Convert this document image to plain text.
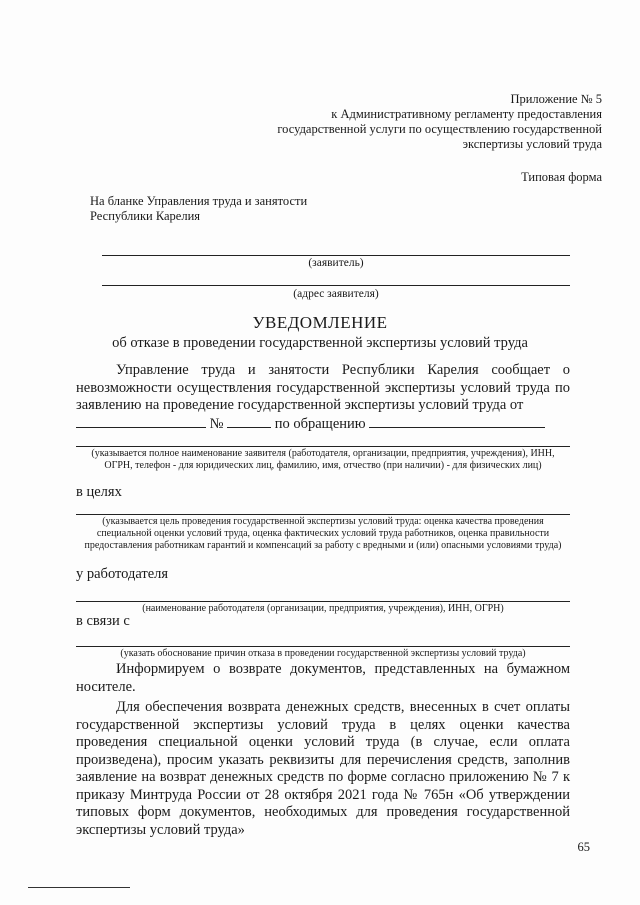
Приложение № 5
к Административному регламенту предоставления
государственной услуги по осуществлению государственной
экспертизы условий труда
Типовая форма
На бланке Управления труда и занятости
Республики Карелия
(заявитель)
(адрес заявителя)
УВЕДОМЛЕНИЕ
об отказе в проведении государственной экспертизы условий труда
Управление труда и занятости Республики Карелия сообщает о невозможности осуществления государственной экспертизы условий труда по заявлению на проведение государственной экспертизы условий труда от
№	по обращению
(указывается полное наименование заявителя (работодателя, организации, предприятия, учреждения), ИНН, ОГРН, телефон - для юридических лиц, фамилию, имя, отчество (при наличии) - для физических лиц)
в целях
(указывается цель проведения государственной экспертизы условий труда: оценка качества проведения специальной оценки условий труда, оценка фактических условий труда работников, оценка правильности предоставления работникам гарантий и компенсаций за работу с вредными и (или) опасными условиями труда)
у работодателя
(наименование работодателя (организации, предприятия, учреждения), ИНН, ОГРН)
в связи с
(указать обоснование причин отказа в проведении государственной экспертизы условий труда)
Информируем о возврате документов, представленных на бумажном носителе.
Для обеспечения возврата денежных средств, внесенных в счет оплаты государственной экспертизы условий труда в целях оценки качества проведения специальной оценки условий труда (в случае, если оплата произведена), просим указать реквизиты для перечисления средств, заполнив заявление на возврат денежных средств по форме согласно приложению № 7 к приказу Минтруда России от 28 октября 2021 года № 765н «Об утверждении типовых форм документов, необходимых для проведения государственной экспертизы условий труда»
65
